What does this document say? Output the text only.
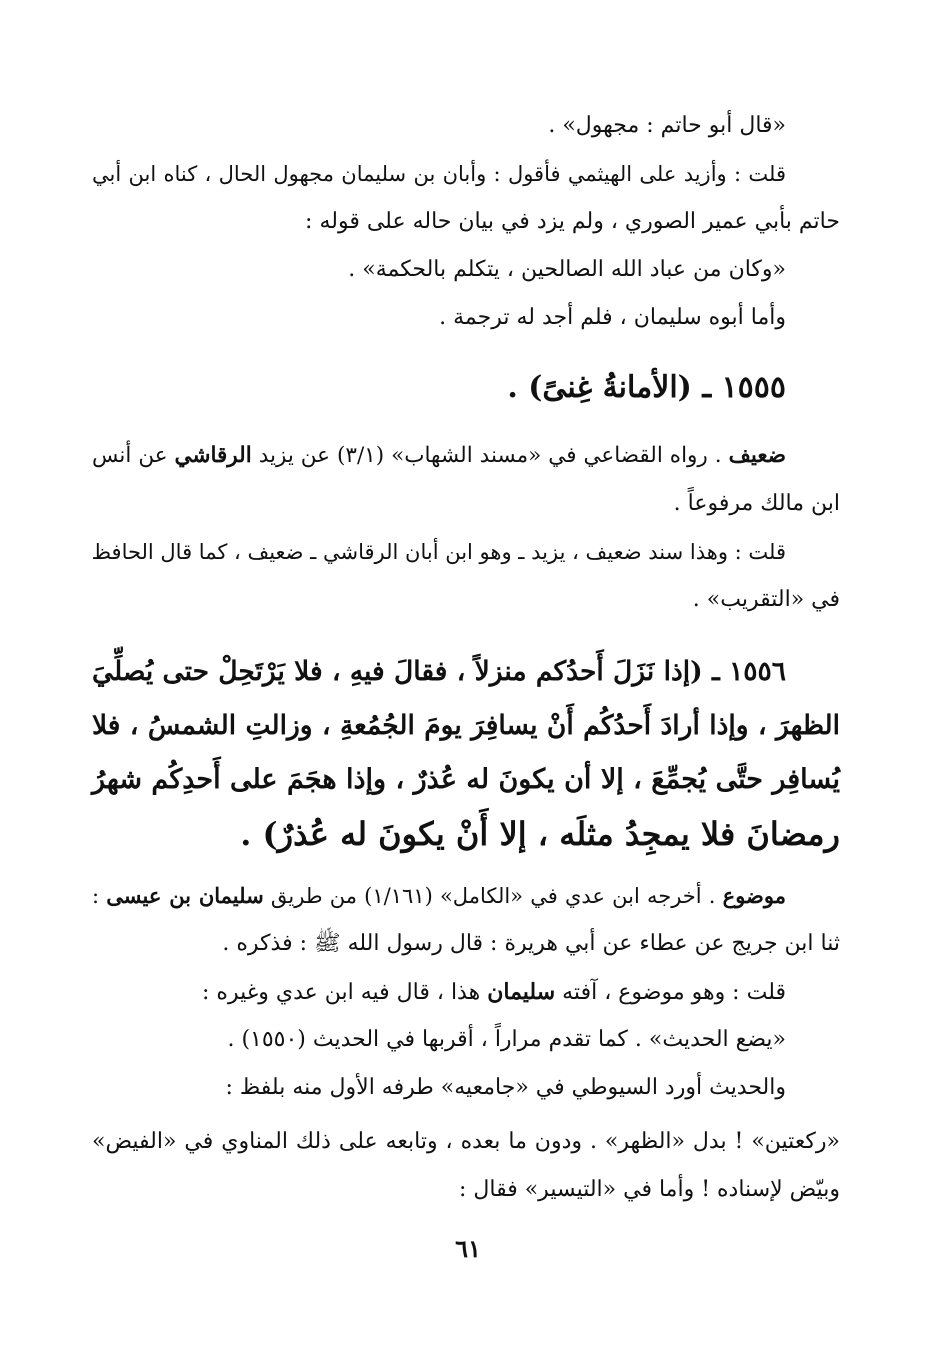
«قال أبو حاتم : مجهول» .
قلت : وأزيد على الهيثمي فأقول : وأبان بن سليمان مجهول الحال ، كناه ابن أبي
حاتم بأبي عمير الصوري ، ولم يزد في بيان حاله على قوله :
«وكان من عباد الله الصالحين ، يتكلم بالحكمة» .
وأما أبوه سليمان ، فلم أجد له ترجمة .
١٥٥٥ ـ (الأمانةُ غِنىً) .
ضعيف . رواه القضاعي في «مسند الشهاب» (٣/١) عن يزيد الرقاشي عن أنس
ابن مالك مرفوعاً .
قلت : وهذا سند ضعيف ، يزيد ـ وهو ابن أبان الرقاشي ـ ضعيف ، كما قال الحافظ
في «التقريب» .
١٥٥٦ ـ (إذا نَزَلَ أَحدُكم منزلاً ، فقالَ فيهِ ، فلا يَرْتَحِلْ حتى يُصلِّيَ
الظهرَ ، وإذا أرادَ أَحدُكُم أَنْ يسافِرَ يومَ الجُمُعةِ ، وزالتِ الشمسُ ، فلا
يُسافِر حتَّى يُجمِّعَ ، إلا أن يكونَ له عُذرٌ ، وإذا هجَمَ على أَحدِكُم شهرُ
رمضانَ فلا يمجِدُ مثلَه ، إلا أَنْ يكونَ له عُذرٌ) .
موضوع . أخرجه ابن عدي في «الكامل» (١/١٦١) من طريق سليمان بن عيسى :
ثنا ابن جريج عن عطاء عن أبي هريرة : قال رسول الله ﷺ : فذكره .
قلت : وهو موضوع ، آفته سليمان هذا ، قال فيه ابن عدي وغيره :
«يضع الحديث» . كما تقدم مراراً ، أقربها في الحديث (١٥٥٠) .
والحديث أورد السيوطي في «جامعيه» طرفه الأول منه بلفظ :
«ركعتين» ! بدل «الظهر» . ودون ما بعده ، وتابعه على ذلك المناوي في «الفيض»
وبيّض لإسناده ! وأما في «التيسير» فقال :
٦١
